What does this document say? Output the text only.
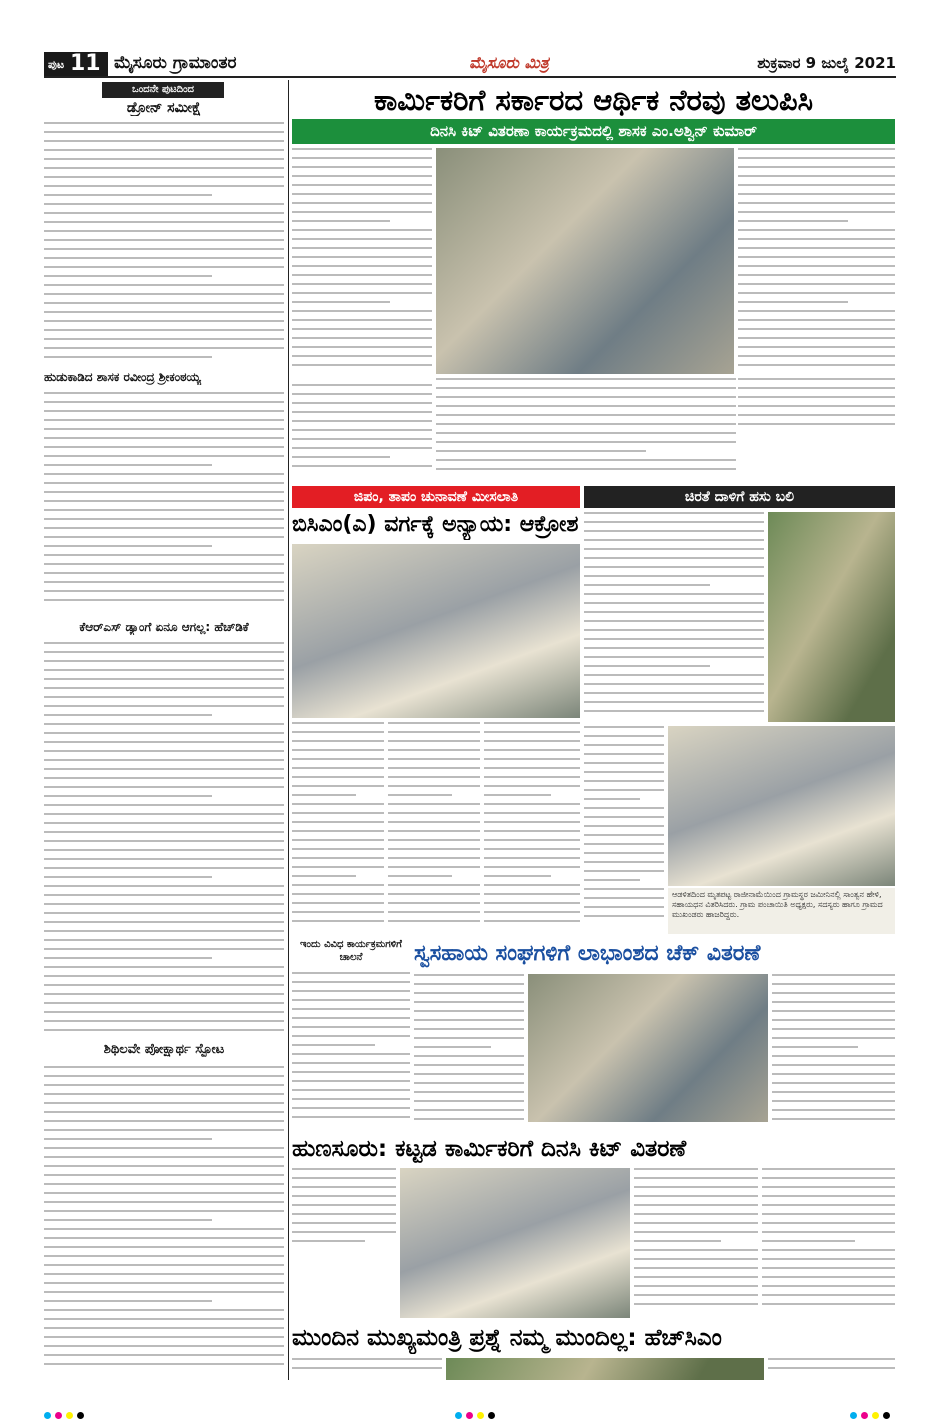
ಪುಟ 11 ಮೈಸೂರು ಗ್ರಾಮಾಂತರ	ಮೈಸೂರು ಮಿತ್ರ	ಶುಕ್ರವಾರ 9 ಜುಲೈ 2021
ಒಂದನೇ ಪುಟದಿಂದ
ಡ್ರೋನ್ ಸಮೀಕ್ಷೆ
ಹುಡುಕಾಡಿದ ಶಾಸಕ ರವೀಂದ್ರ ಶ್ರೀಕಂಠಯ್ಯ
ಕೆಆರ್‌ಎಸ್ ಡ್ಯಾಂಗೆ ಏನೂ ಆಗಲ್ಲ: ಹೆಚ್‌ಡಿಕೆ
ಶಿಥಿಲವೇ ಪೋಕ್ಷಾರ್ಥ ಸ್ಫೋಟ
ಕಾರ್ಮಿಕರಿಗೆ ಸರ್ಕಾರದ ಆರ್ಥಿಕ ನೆರವು ತಲುಪಿಸಿ
ದಿನಸಿ ಕಿಟ್ ವಿತರಣಾ ಕಾರ್ಯಕ್ರಮದಲ್ಲಿ ಶಾಸಕ ಎಂ.ಅಶ್ವಿನ್ ಕುಮಾರ್
ಜಿಪಂ, ತಾಪಂ ಚುನಾವಣೆ ಮೀಸಲಾತಿ
ಬಿಸಿಎಂ(ಎ) ವರ್ಗಕ್ಕೆ ಅನ್ಯಾಯ: ಆಕ್ರೋಶ
ಚಿರತೆ ದಾಳಿಗೆ ಹಸು ಬಲಿ
ಆಡಳಿತದಿಂದ ಮೃತಪಟ್ಟ ರಾಜೀನಾಮೆಯಿಂದ ಗ್ರಾಮಸ್ಥರ ಜಮೀನಿನಲ್ಲಿ ಸಾಂತ್ವನ ಹೇಳಿ, ಸಹಾಯಧನ ವಿತರಿಸಿದರು. ಗ್ರಾಮ ಪಂಚಾಯಿತಿ ಅಧ್ಯಕ್ಷರು, ಸದಸ್ಯರು ಹಾಗೂ ಗ್ರಾಮದ ಮುಖಂಡರು ಹಾಜರಿದ್ದರು.
ಇಂದು ವಿವಿಧ ಕಾರ್ಯಕ್ರಮಗಳಿಗೆ ಚಾಲನೆ	ಸ್ವಸಹಾಯ ಸಂಘಗಳಿಗೆ ಲಾಭಾಂಶದ ಚೆಕ್ ವಿತರಣೆ
ಹುಣಸೂರು: ಕಟ್ಟಡ ಕಾರ್ಮಿಕರಿಗೆ ದಿನಸಿ ಕಿಟ್ ವಿತರಣೆ
ಮುಂದಿನ ಮುಖ್ಯಮಂತ್ರಿ ಪ್ರಶ್ನೆ ನಮ್ಮ ಮುಂದಿಲ್ಲ: ಹೆಚ್‌ಸಿಎಂ
